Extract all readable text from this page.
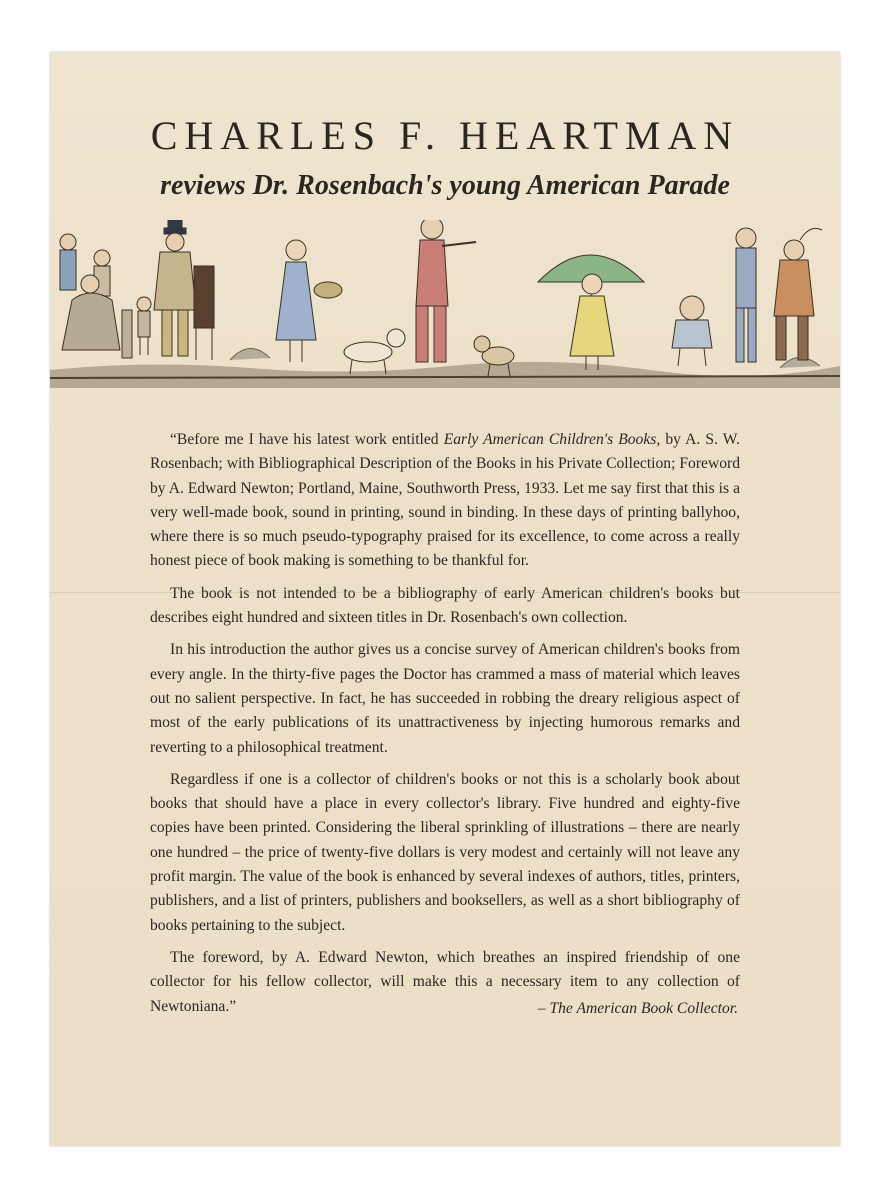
CHARLES F. HEARTMAN
reviews Dr. Rosenbach's young American Parade

“Before me I have his latest work entitled Early American Children's Books, by A. S. W. Rosenbach; with Bibliographical Description of the Books in his Private Collection; Foreword by A. Edward Newton; Portland, Maine, Southworth Press, 1933. Let me say first that this is a very well-made book, sound in printing, sound in binding. In these days of printing ballyhoo, where there is so much pseudo-typography praised for its excellence, to come across a really honest piece of book making is something to be thankful for.

The book is not intended to be a bibliography of early American children's books but describes eight hundred and sixteen titles in Dr. Rosenbach's own collection.

In his introduction the author gives us a concise survey of American children's books from every angle. In the thirty-five pages the Doctor has crammed a mass of material which leaves out no salient perspective. In fact, he has succeeded in robbing the dreary religious aspect of most of the early publications of its unattractiveness by injecting humorous remarks and reverting to a philosophical treatment.

Regardless if one is a collector of children's books or not this is a scholarly book about books that should have a place in every collector's library. Five hundred and eighty-five copies have been printed. Considering the liberal sprinkling of illustrations – there are nearly one hundred – the price of twenty-five dollars is very modest and certainly will not leave any profit margin. The value of the book is enhanced by several indexes of authors, titles, printers, publishers, and a list of printers, publishers and booksellers, as well as a short bibliography of books pertaining to the subject.

The foreword, by A. Edward Newton, which breathes an inspired friendship of one collector for his fellow collector, will make this a necessary item to any collection of Newtoniana.”	– The American Book Collector.
